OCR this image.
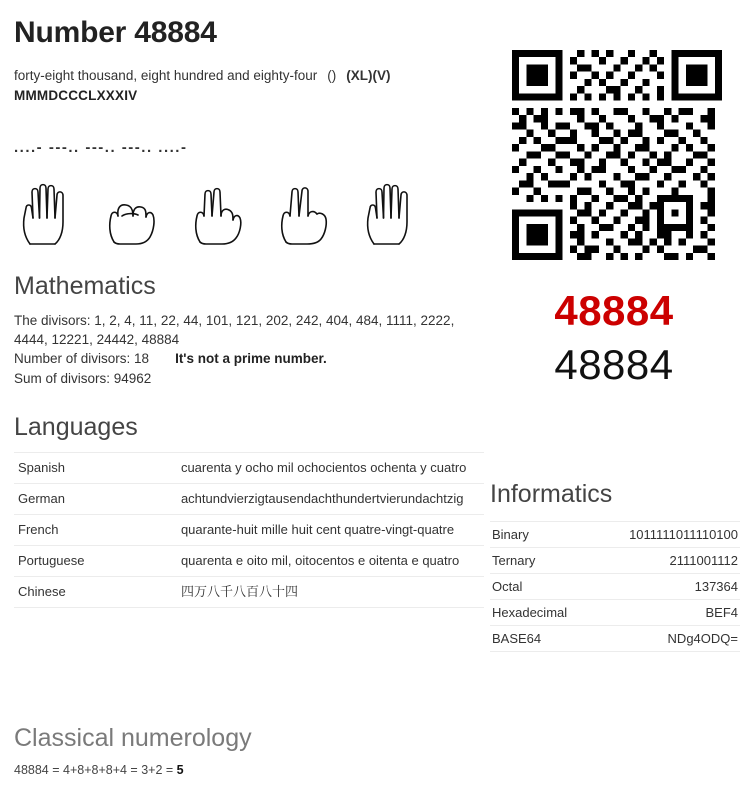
Number 48884
forty-eight thousand, eight hundred and eighty-four () (XL)(V)
MMMDCCCLXXXIV
....- ---.. ---.. ---.. ....-
Mathematics
The divisors: 1, 2, 4, 11, 22, 44, 101, 121, 202, 242, 404, 484, 1111, 2222, 4444, 12221, 24442, 48884
Number of divisors: 18 It's not a prime number.
Sum of divisors: 94962
Languages
Spanish	cuarenta y ocho mil ochocientos ochenta y cuatro
German	achtundvierzigtausendachthundertvierundachtzig
French	quarante-huit mille huit cent quatre-vingt-quatre
Portuguese	quarenta e oito mil, oitocentos e oitenta e quatro
Chinese	四万八千八百八十四
48884
48884
Informatics
Binary	1011111011110100
Ternary	2111001112
Octal	137364
Hexadecimal	BEF4
BASE64	NDg4ODQ=
Classical numerology
48884 = 4+8+8+8+4 = 3+2 = 5
